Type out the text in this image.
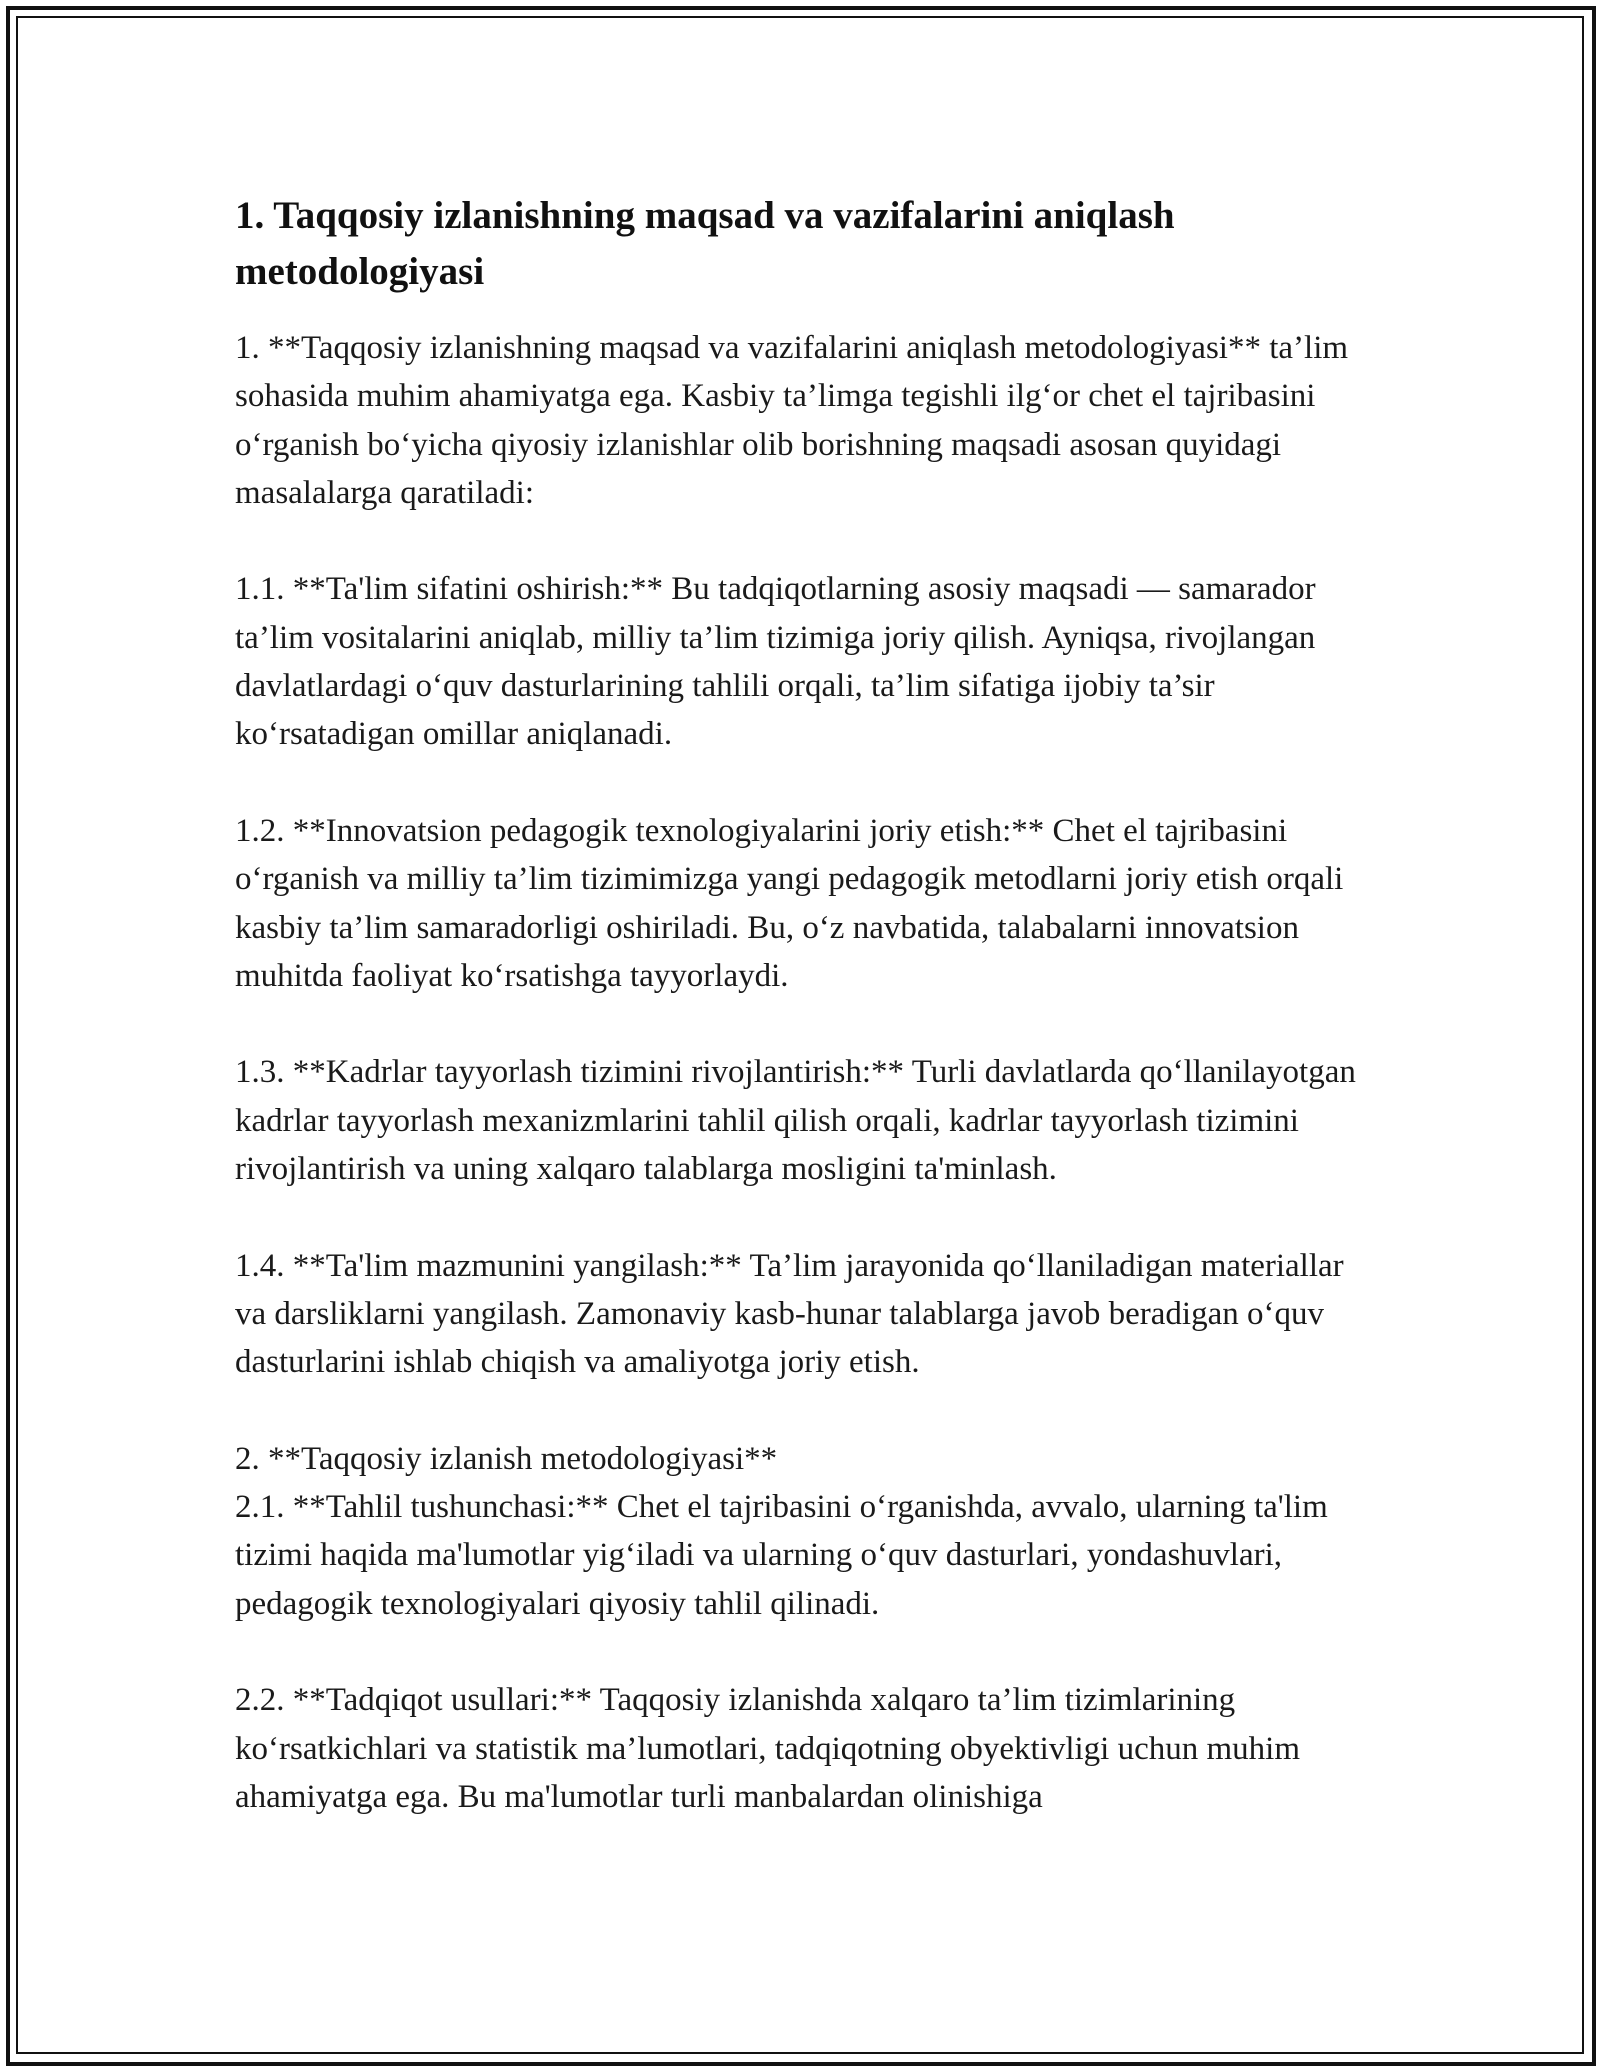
1. Taqqosiy izlanishning maqsad va vazifalarini aniqlash metodologiyasi

1. **Taqqosiy izlanishning maqsad va vazifalarini aniqlash metodologiyasi** ta’lim sohasida muhim ahamiyatga ega. Kasbiy ta’limga tegishli ilg‘or chet el tajribasini o‘rganish bo‘yicha qiyosiy izlanishlar olib borishning maqsadi asosan quyidagi masalalarga qaratiladi:

1.1. **Ta'lim sifatini oshirish:** Bu tadqiqotlarning asosiy maqsadi — samarador ta’lim vositalarini aniqlab, milliy ta’lim tizimiga joriy qilish. Ayniqsa, rivojlangan davlatlardagi o‘quv dasturlarining tahlili orqali, ta’lim sifatiga ijobiy ta’sir ko‘rsatadigan omillar aniqlanadi.

1.2. **Innovatsion pedagogik texnologiyalarini joriy etish:** Chet el tajribasini o‘rganish va milliy ta’lim tizimimizga yangi pedagogik metodlarni joriy etish orqali kasbiy ta’lim samaradorligi oshiriladi. Bu, o‘z navbatida, talabalarni innovatsion muhitda faoliyat ko‘rsatishga tayyorlaydi.

1.3. **Kadrlar tayyorlash tizimini rivojlantirish:** Turli davlatlarda qo‘llanilayotgan kadrlar tayyorlash mexanizmlarini tahlil qilish orqali, kadrlar tayyorlash tizimini rivojlantirish va uning xalqaro talablarga mosligini ta'minlash.

1.4. **Ta'lim mazmunini yangilash:** Ta’lim jarayonida qo‘llaniladigan materiallar va darsliklarni yangilash. Zamonaviy kasb-hunar talablarga javob beradigan o‘quv dasturlarini ishlab chiqish va amaliyotga joriy etish.

2. **Taqqosiy izlanish metodologiyasi**
2.1. **Tahlil tushunchasi:** Chet el tajribasini o‘rganishda, avvalo, ularning ta'lim tizimi haqida ma'lumotlar yig‘iladi va ularning o‘quv dasturlari, yondashuvlari, pedagogik texnologiyalari qiyosiy tahlil qilinadi.

2.2. **Tadqiqot usullari:** Taqqosiy izlanishda xalqaro ta’lim tizimlarining ko‘rsatkichlari va statistik ma’lumotlari, tadqiqotning obyektivligi uchun muhim ahamiyatga ega. Bu ma'lumotlar turli manbalardan olinishiga
